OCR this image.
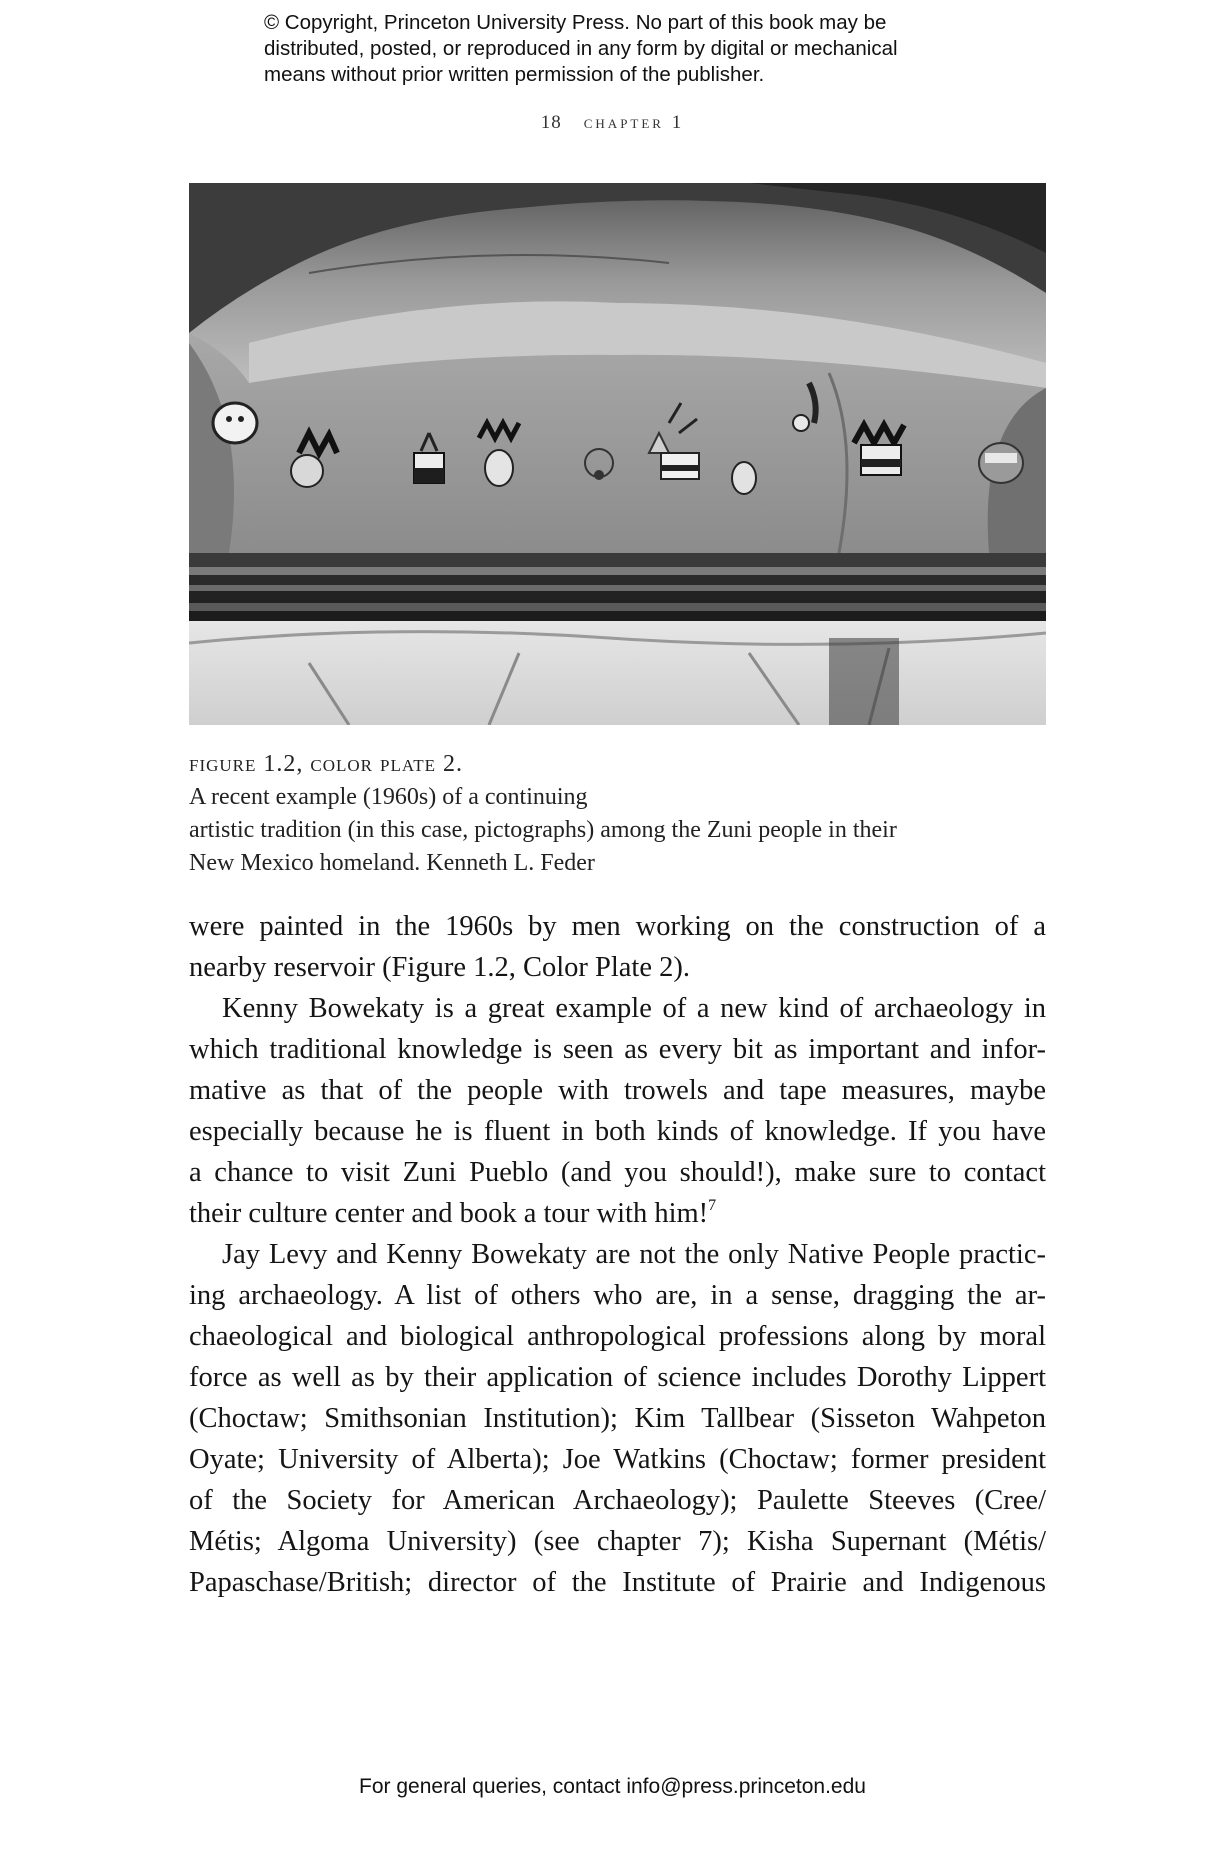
© Copyright, Princeton University Press. No part of this book may be
distributed, posted, or reproduced in any form by digital or mechanical
means without prior written permission of the publisher.
18 chapter 1
figure 1.2, color plate 2.
A recent example (1960s) of a continuing
artistic tradition (in this case, pictographs) among the Zuni people in their
New Mexico homeland. Kenneth L. Feder
were painted in the 1960s by men working on the construction of a
nearby reservoir (Figure 1.2, Color Plate 2).
Kenny Bowekaty is a great example of a new kind of archaeology in
which traditional knowledge is seen as every bit as important and infor-
mative as that of the people with trowels and tape measures, maybe
especially because he is fluent in both kinds of knowledge. If you have
a chance to visit Zuni Pueblo (and you should!), make sure to contact
their culture center and book a tour with him!$^7$
Jay Levy and Kenny Bowekaty are not the only Native People practic-
ing archaeology. A list of others who are, in a sense, dragging the ar-
chaeological and biological anthropological professions along by moral
force as well as by their application of science includes Dorothy Lippert
(Choctaw; Smithsonian Institution); Kim Tallbear (Sisseton Wahpeton
Oyate; University of Alberta); Joe Watkins (Choctaw; former president
of the Society for American Archaeology); Paulette Steeves (Cree/
Métis; Algoma University) (see chapter 7); Kisha Supernant (Métis/
Papaschase/British; director of the Institute of Prairie and Indigenous
For general queries, contact info@press.princeton.edu
